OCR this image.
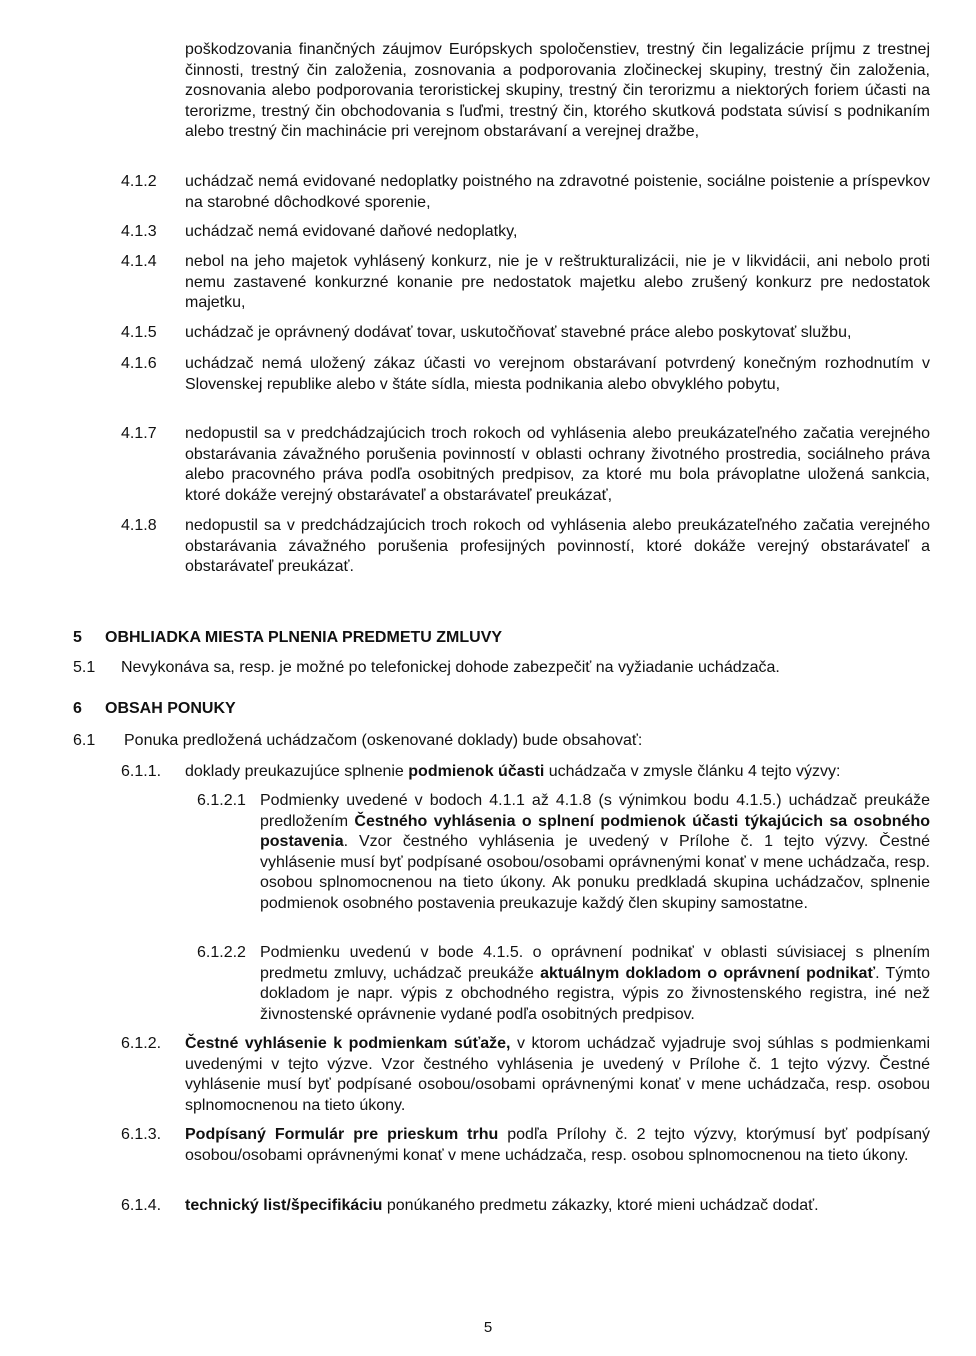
poškodzovania finančných záujmov Európskych spoločenstiev, trestný čin legalizácie príjmu z trestnej činnosti, trestný čin založenia, zosnovania a podporovania zločineckej skupiny, trestný čin založenia, zosnovania alebo podporovania teroristickej skupiny, trestný čin terorizmu a niektorých foriem účasti na terorizme, trestný čin obchodovania s ľuďmi, trestný čin, ktorého skutková podstata súvisí s podnikaním alebo trestný čin machinácie pri verejnom obstarávaní a verejnej dražbe,
4.1.2 uchádzač nemá evidované nedoplatky poistného na zdravotné poistenie, sociálne poistenie a príspevkov na starobné dôchodkové sporenie,
4.1.3 uchádzač nemá evidované daňové nedoplatky,
4.1.4 nebol na jeho majetok vyhlásený konkurz, nie je v reštrukturalizácii, nie je v likvidácii, ani nebolo proti nemu zastavené konkurzné konanie pre nedostatok majetku alebo zrušený konkurz pre nedostatok majetku,
4.1.5 uchádzač je oprávnený dodávať tovar, uskutočňovať stavebné práce alebo poskytovať službu,
4.1.6 uchádzač nemá uložený zákaz účasti vo verejnom obstarávaní potvrdený konečným rozhodnutím v Slovenskej republike alebo v štáte sídla, miesta podnikania alebo obvyklého pobytu,
4.1.7 nedopustil sa v predchádzajúcich troch rokoch od vyhlásenia alebo preukázateľného začatia verejného obstarávania závažného porušenia povinností v oblasti ochrany životného prostredia, sociálneho práva alebo pracovného práva podľa osobitných predpisov, za ktoré mu bola právoplatne uložená sankcia, ktoré dokáže verejný obstarávateľ a obstarávateľ preukázať,
4.1.8 nedopustil sa v predchádzajúcich troch rokoch od vyhlásenia alebo preukázateľného začatia verejného obstarávania závažného porušenia profesijných povinností, ktoré dokáže verejný obstarávateľ a obstarávateľ preukázať.
5 OBHLIADKA MIESTA PLNENIA PREDMETU ZMLUVY
5.1 Nevykonáva sa, resp. je možné po telefonickej dohode zabezpečiť na vyžiadanie uchádzača.
6 OBSAH PONUKY
6.1 Ponuka predložená uchádzačom (oskenované doklady) bude obsahovať:
6.1.1. doklady preukazujúce splnenie podmienok účasti uchádzača v zmysle článku 4 tejto výzvy:
6.1.2.1 Podmienky uvedené v bodoch 4.1.1 až 4.1.8 (s výnimkou bodu 4.1.5.) uchádzač preukáže predložením Čestného vyhlásenia o splnení podmienok účasti týkajúcich sa osobného postavenia. Vzor čestného vyhlásenia je uvedený v Prílohe č. 1 tejto výzvy. Čestné vyhlásenie musí byť podpísané osobou/osobami oprávnenými konať v mene uchádzača, resp. osobou splnomocnenou na tieto úkony. Ak ponuku predkladá skupina uchádzačov, splnenie podmienok osobného postavenia preukazuje každý člen skupiny samostatne.
6.1.2.2 Podmienku uvedenú v bode 4.1.5. o oprávnení podnikať v oblasti súvisiacej s plnením predmetu zmluvy, uchádzač preukáže aktuálnym dokladom o oprávnení podnikať. Týmto dokladom je napr. výpis z obchodného registra, výpis zo živnostenského registra, iné než živnostenské oprávnenie vydané podľa osobitných predpisov.
6.1.2. Čestné vyhlásenie k podmienkam súťaže, v ktorom uchádzač vyjadruje svoj súhlas s podmienkami uvedenými v tejto výzve. Vzor čestného vyhlásenia je uvedený v Prílohe č. 1 tejto výzvy. Čestné vyhlásenie musí byť podpísané osobou/osobami oprávnenými konať v mene uchádzača, resp. osobou splnomocnenou na tieto úkony.
6.1.3. Podpísaný Formulár pre prieskum trhu podľa Prílohy č. 2 tejto výzvy, ktorýmusí byť podpísaný osobou/osobami oprávnenými konať v mene uchádzača, resp. osobou splnomocnenou na tieto úkony.
6.1.4. technický list/špecifikáciu ponúkaného predmetu zákazky, ktoré mieni uchádzač dodať.
5
